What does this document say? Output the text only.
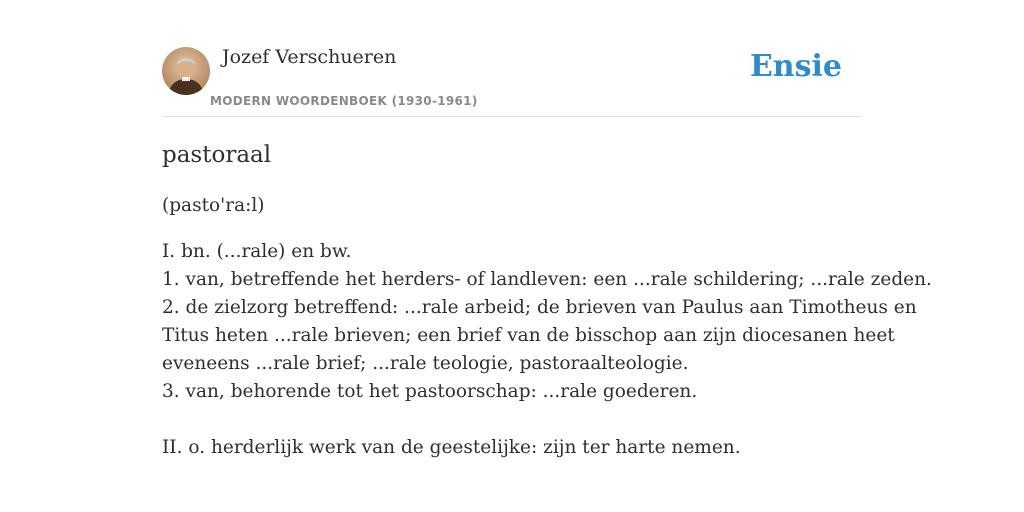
Jozef Verschueren
MODERN WOORDENBOEK (1930-1961)
Ensie
pastoraal
(pasto'ra:l)
I. bn. (...rale) en bw.
1. van, betreffende het herders- of landleven: een ...rale schildering; ...rale zeden.
2. de zielzorg betreffend: ...rale arbeid; de brieven van Paulus aan Timotheus en
Titus heten ...rale brieven; een brief van de bisschop aan zijn diocesanen heet
eveneens ...rale brief; ...rale teologie, pastoraalteologie.
3. van, behorende tot het pastoorschap: ...rale goederen.
II. o. herderlijk werk van de geestelijke: zijn ter harte nemen.
